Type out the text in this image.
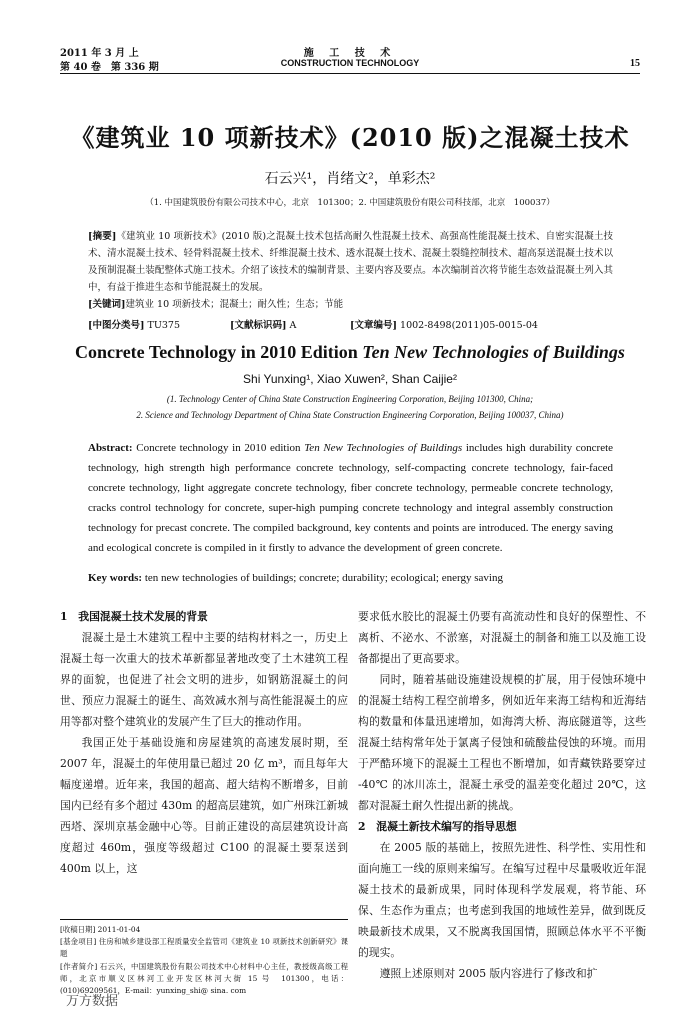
2011 年 3 月 上
第 40 卷　第 336 期
施 工 技 术
CONSTRUCTION TECHNOLOGY	15
《建筑业 10 项新技术》(2010 版)之混凝土技术
石云兴¹，肖绪文²，单彩杰²
（1. 中国建筑股份有限公司技术中心，北京　101300；2. 中国建筑股份有限公司科技部，北京　100037）
[摘要]《建筑业 10 项新技术》(2010 版)之混凝土技术包括高耐久性混凝土技术、高强高性能混凝土技术、自密实混凝土技术、清水混凝土技术、轻骨料混凝土技术、纤维混凝土技术、透水混凝土技术、混凝土裂缝控制技术、超高泵送混凝土技术以及预制混凝土装配整体式施工技术。介绍了该技术的编制背景、主要内容及要点。本次编制首次将节能生态效益混凝土列入其中，有益于推进生态和节能混凝土的发展。
[关键词]建筑业 10 项新技术；混凝土；耐久性；生态；节能
[中图分类号] TU375	[文献标识码] A	[文章编号] 1002-8498(2011)05-0015-04
Concrete Technology in 2010 Edition Ten New Technologies of Buildings
Shi Yunxing¹, Xiao Xuwen², Shan Caijie²
(1. Technology Center of China State Construction Engineering Corporation, Beijing 101300, China;
2. Science and Technology Department of China State Construction Engineering Corporation, Beijing 100037, China)
Abstract: Concrete technology in 2010 edition Ten New Technologies of Buildings includes high durability concrete technology, high strength high performance concrete technology, self-compacting concrete technology, fair-faced concrete technology, light aggregate concrete technology, fiber concrete technology, permeable concrete technology, cracks control technology for concrete, super-high pumping concrete technology and integral assembly construction technology for precast concrete. The compiled background, key contents and points are introduced. The energy saving and ecological concrete is compiled in it firstly to advance the development of green concrete.
Key words: ten new technologies of buildings; concrete; durability; ecological; energy saving
1　我国混凝土技术发展的背景

混凝土是土木建筑工程中主要的结构材料之一，历史上混凝土每一次重大的技术革新都显著地改变了土木建筑工程界的面貌，也促进了社会文明的进步，如钢筋混凝土的问世、预应力混凝土的诞生、高效减水剂与高性能混凝土的应用等都对整个建筑业的发展产生了巨大的推动作用。

我国正处于基础设施和房屋建筑的高速发展时期，至 2007 年，混凝土的年使用量已超过 20 亿 m³，而且每年大幅度递增。近年来，我国的超高、超大结构不断增多，目前国内已经有多个超过 430m 的超高层建筑，如广州珠江新城西塔、深圳京基金融中心等。目前正建设的高层建筑设计高度超过 460m，强度等级超过 C100 的混凝土要泵送到 400m 以上，这

要求低水胶比的混凝土仍要有高流动性和良好的保塑性、不离析、不泌水、不淤塞，对混凝土的制备和施工以及施工设备都提出了更高要求。

同时，随着基础设施建设规模的扩展，用于侵蚀环境中的混凝土结构工程空前增多，例如近年来海工结构和近海结构的数量和体量迅速增加，如海湾大桥、海底隧道等，这些混凝土结构常年处于氯离子侵蚀和硫酸盐侵蚀的环境。而用于严酷环境下的混凝土工程也不断增加，如青藏铁路要穿过 -40℃ 的冰川冻土，混凝土承受的温差变化超过 20℃，这都对混凝土耐久性提出新的挑战。

2　混凝土新技术编写的指导思想

在 2005 版的基础上，按照先进性、科学性、实用性和面向施工一线的原则来编写。在编写过程中尽量吸收近年混凝土技术的最新成果，同时体现科学发展观，将节能、环保、生态作为重点；也考虑到我国的地域性差异，做到既反映最新技术成果，又不脱离我国国情，照顾总体水平不平衡的现实。

遵照上述原则对 2005 版内容进行了修改和扩

[收稿日期] 2011-01-04
[基金项目] 住房和城乡建设部工程质量安全监管司《建筑业 10 项新技术创新研究》课题
[作者简介] 石云兴，中国建筑股份有限公司技术中心材料中心主任，教授级高级工程师，北京市顺义区林河工业开发区林河大街 15 号　101300，电话：(010)69209561，E-mail：yunxing_shi@ sina. com
万方数据
